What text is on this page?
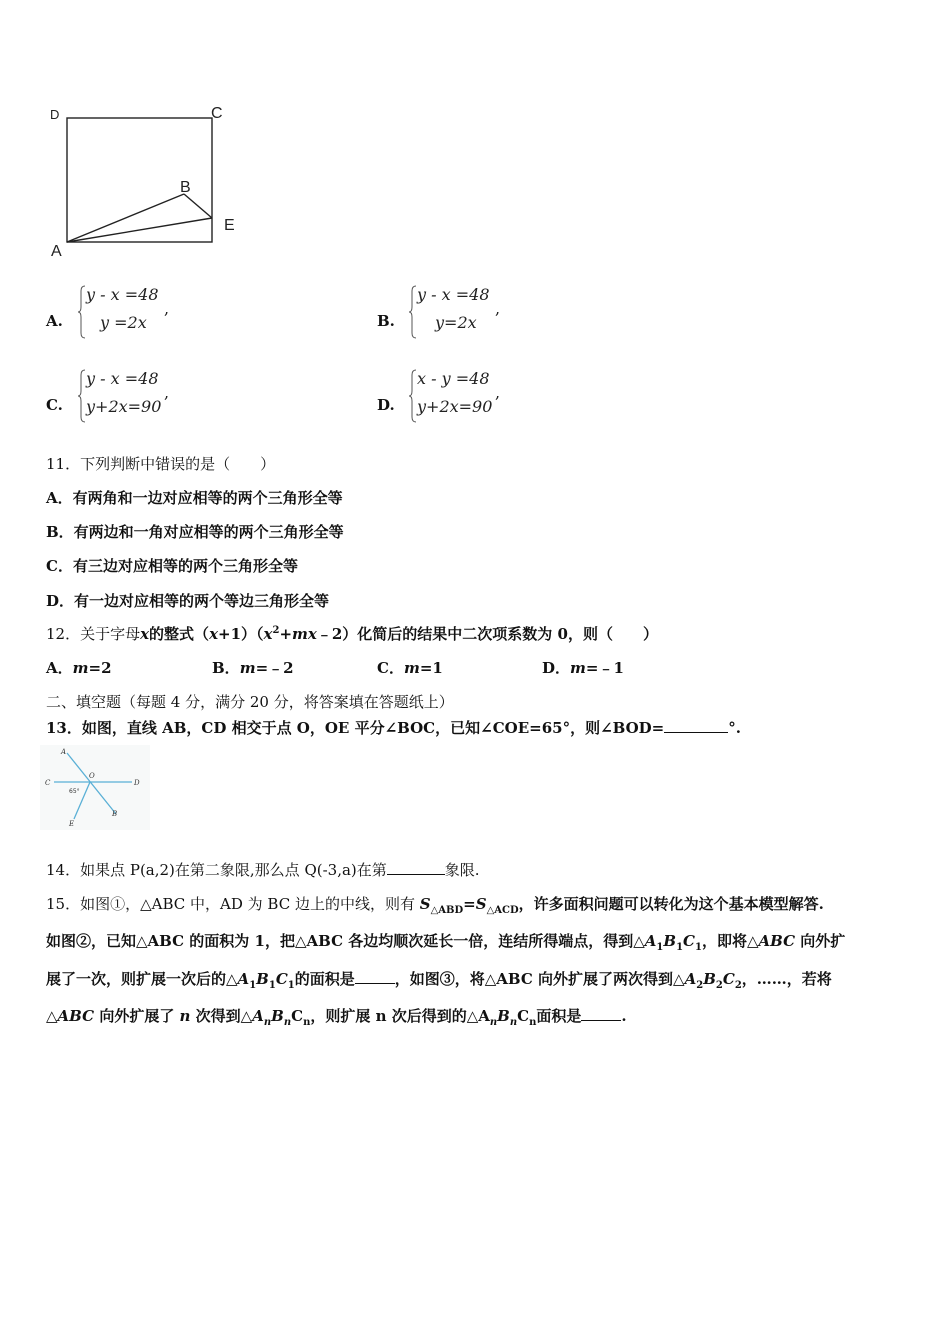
D	C
B
E
A
A.
y - x =48
y =2x
,
B.
y - x =48
y=2x
,
C.
y - x =48
y+2x=90
,
D.
x - y =48
y+2x=90
,
11．下列判断中错误的是（　　）
A．有两角和一边对应相等的两个三角形全等
B．有两边和一角对应相等的两个三角形全等
C．有三边对应相等的两个三角形全等
D．有一边对应相等的两个等边三角形全等
12．关于字母x的整式$(x+1)(x^2+mx﹣2)$化简后的结果中二次项系数为 0，则（　　）
A．m=2	B．m=﹣2	C．m=1	D．m=﹣1
二、填空题（每题 4 分，满分 20 分，将答案填在答题纸上）
13．如图，直线 AB，CD 相交于点 O，OE 平分∠BOC，已知∠COE=65°，则∠BOD=	°.
A
C
O
D
65°
E
B
14．如果点 P(a,2)在第二象限,那么点 Q(-3,a)在第	象限.
15．如图①，△ABC 中，AD 为 BC 边上的中线，则有 $S_{\triangle ABD}=S_{\triangle ACD}$，许多面积问题可以转化为这个基本模型解答.
如图②，已知△ABC 的面积为 1，把△ABC 各边均顺次延长一倍，连结所得端点，得到$\triangle A_1B_1C_1$，即将△ABC 向外扩
展了一次，则扩展一次后的$\triangle A_1B_1C_1$的面积是	，如图③，将△ABC 向外扩展了两次得到$\triangle A_2B_2C_2$，……，若将
△ABC 向外扩展了 n 次得到$\triangle A_nB_nC_n$，则扩展 n 次后得到的$\triangle A_nB_nC_n$面积是	.
